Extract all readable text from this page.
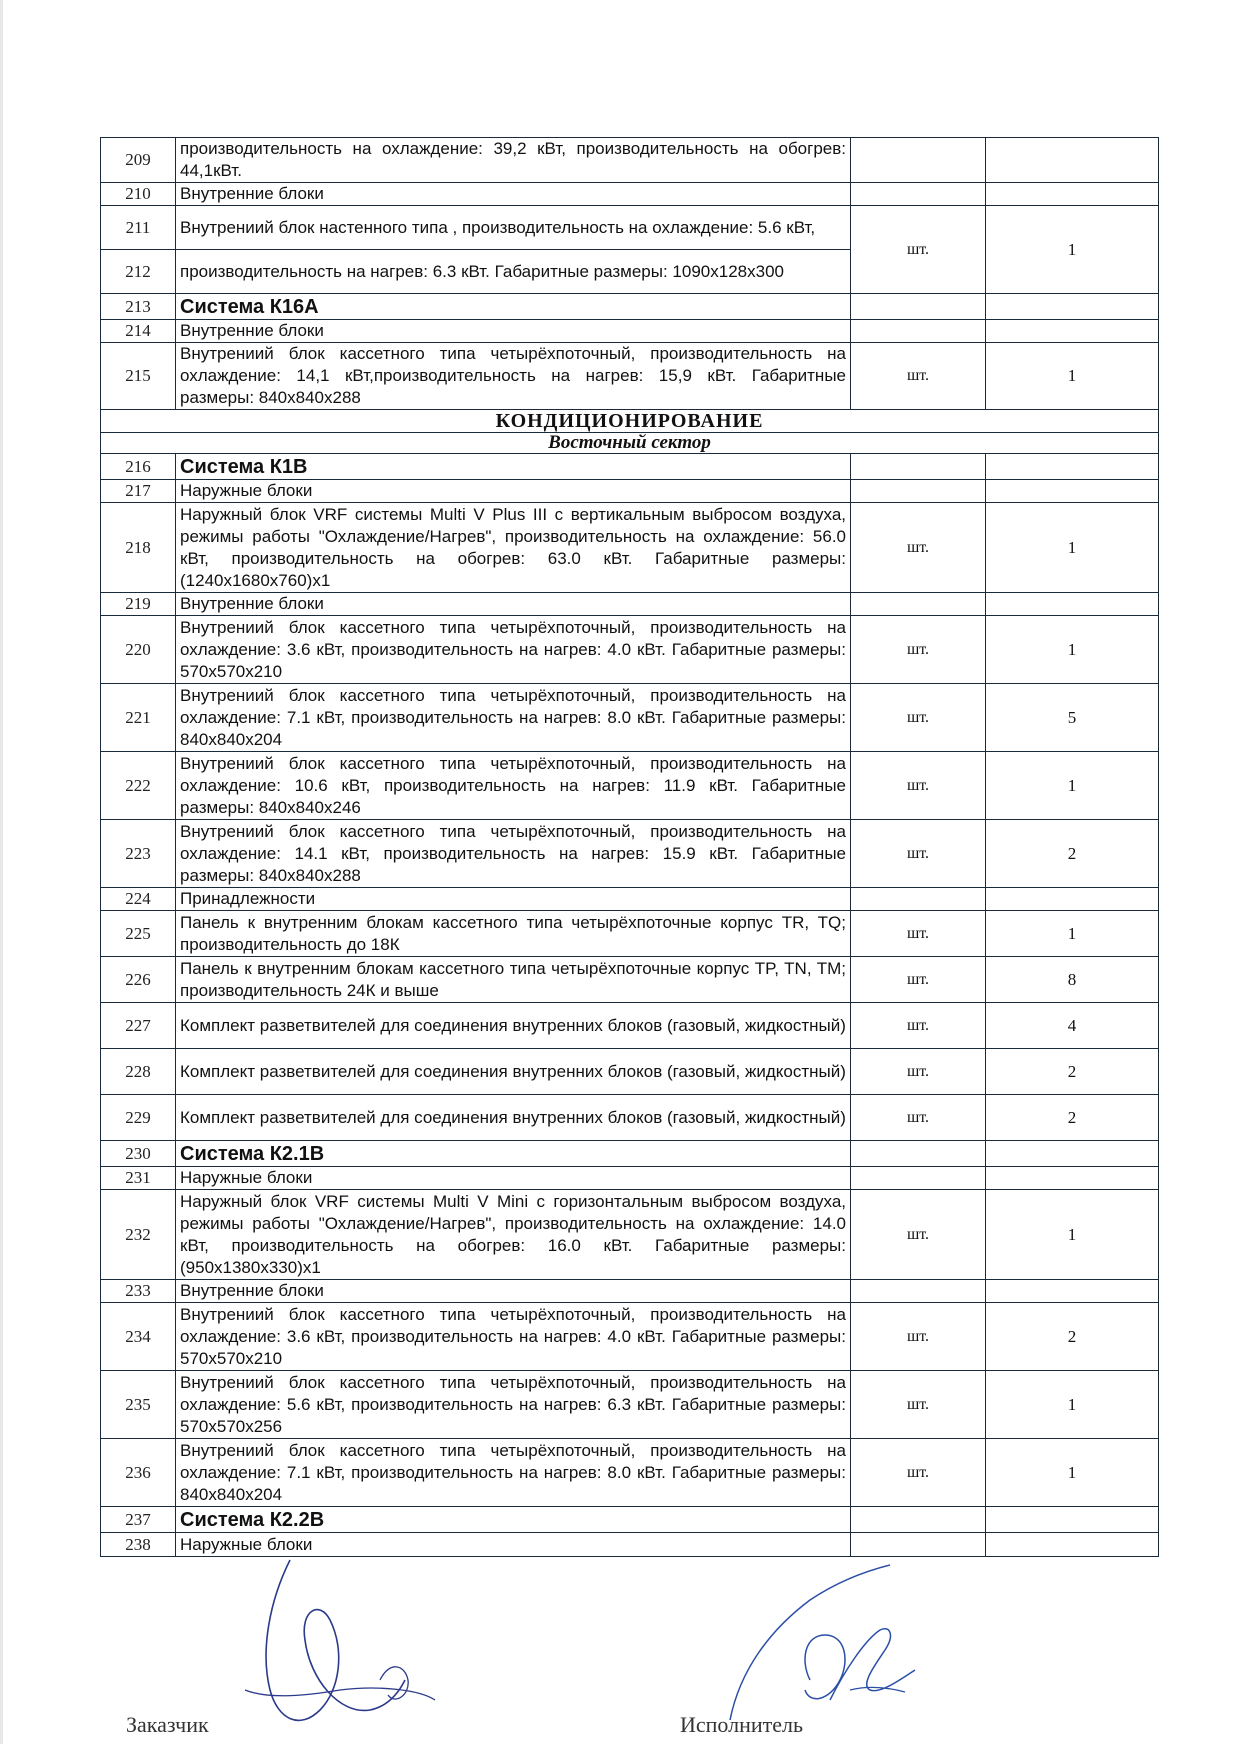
209	производительность на охлаждение: 39,2 кВт, производительность на обогрев: 44,1кВт.		
210	Внутренние блоки		
211	Внутрениий блок настенного типа , производительность на охлаждение: 5.6 кВт,	шт.	1
212	производительность на нагрев: 6.3 кВт. Габаритные размеры: 1090x128x300		
213	Система К16А		
214	Внутренние блоки		
215	Внутрениий блок кассетного типа четырёхпоточный, производительность на охлаждение: 14,1 кВт,производительность на нагрев: 15,9 кВт. Габаритные размеры: 840x840x288	шт.	1
КОНДИЦИОНИРОВАНИЕ			
Восточный сектор			
216	Система К1В		
217	Наружные блоки		
218	Наружный блок VRF системы Multi V Plus III с вертикальным выбросом воздуха, режимы работы "Охлаждение/Нагрев", производительность на охлаждение: 56.0 кВт, производительность на обогрев: 63.0 кВт. Габаритные размеры: (1240x1680x760)x1	шт.	1
219	Внутренние блоки		
220	Внутрениий блок кассетного типа четырёхпоточный, производительность на охлаждение: 3.6 кВт, производительность на нагрев: 4.0 кВт. Габаритные размеры: 570x570x210	шт.	1
221	Внутрениий блок кассетного типа четырёхпоточный, производительность на охлаждение: 7.1 кВт, производительность на нагрев: 8.0 кВт. Габаритные размеры: 840x840x204	шт.	5
222	Внутрениий блок кассетного типа четырёхпоточный, производительность на охлаждение: 10.6 кВт, производительность на нагрев: 11.9 кВт. Габаритные размеры: 840x840x246	шт.	1
223	Внутрениий блок кассетного типа четырёхпоточный, производительность на охлаждение: 14.1 кВт, производительность на нагрев: 15.9 кВт. Габаритные размеры: 840x840x288	шт.	2
224	Принадлежности		
225	Панель к внутренним блокам кассетного типа четырёхпоточные корпус TR, TQ; производительность до 18К	шт.	1
226	Панель к внутренним блокам кассетного типа четырёхпоточные корпус TP, TN, TM; производительность 24К и выше	шт.	8
227	Комплект разветвителей для соединения внутренних блоков (газовый, жидкостный)	шт.	4
228	Комплект разветвителей для соединения внутренних блоков (газовый, жидкостный)	шт.	2
229	Комплект разветвителей для соединения внутренних блоков (газовый, жидкостный)	шт.	2
230	Система К2.1В		
231	Наружные блоки		
232	Наружный блок VRF системы Multi V Mini с горизонтальным выбросом воздуха, режимы работы "Охлаждение/Нагрев", производительность на охлаждение: 14.0 кВт, производительность на обогрев: 16.0 кВт. Габаритные размеры: (950x1380x330)x1	шт.	1
233	Внутренние блоки		
234	Внутрениий блок кассетного типа четырёхпоточный, производительность на охлаждение: 3.6 кВт, производительность на нагрев: 4.0 кВт. Габаритные размеры: 570x570x210	шт.	2
235	Внутрениий блок кассетного типа четырёхпоточный, производительность на охлаждение: 5.6 кВт, производительность на нагрев: 6.3 кВт. Габаритные размеры: 570x570x256	шт.	1
236	Внутрениий блок кассетного типа четырёхпоточный, производительность на охлаждение: 7.1 кВт, производительность на нагрев: 8.0 кВт. Габаритные размеры: 840x840x204	шт.	1
237	Система К2.2В		
238	Наружные блоки		
Заказчик	Исполнитель
